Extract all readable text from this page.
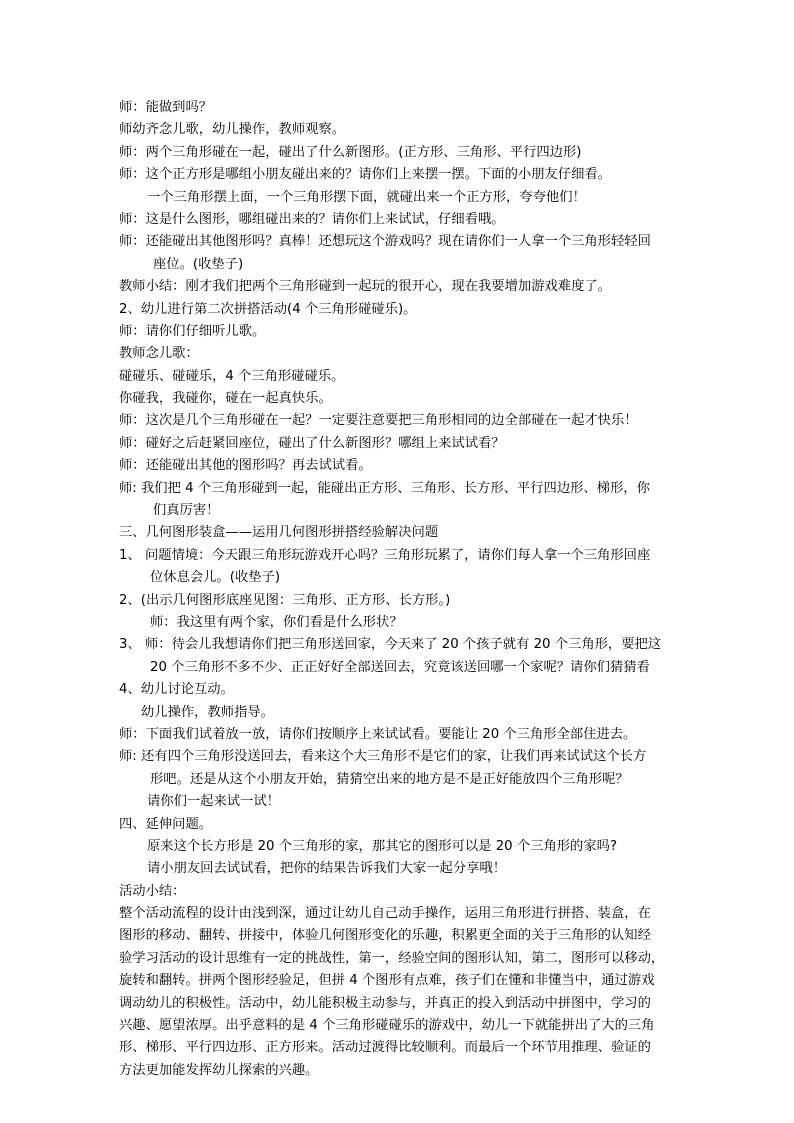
师：能做到吗？
师幼齐念儿歌，幼儿操作，教师观察。
师：两个三角形碰在一起，碰出了什么新图形。(正方形、三角形、平行四边形)
师：这个正方形是哪组小朋友碰出来的？请你们上来摆一摆。下面的小朋友仔细看。
一个三角形摆上面，一个三角形摆下面，就碰出来一个正方形，夸夸他们！
师：这是什么图形，哪组碰出来的？请你们上来试试，仔细看哦。
师：还能碰出其他图形吗？真棒！还想玩这个游戏吗？现在请你们一人拿一个三角形轻轻回
座位。(收垫子)
教师小结：刚才我们把两个三角形碰到一起玩的很开心，现在我要增加游戏难度了。
2、幼儿进行第二次拼搭活动(4 个三角形碰碰乐)。
师：请你们仔细听儿歌。
教师念儿歌：
碰碰乐、碰碰乐，4 个三角形碰碰乐。
你碰我，我碰你，碰在一起真快乐。
师：这次是几个三角形碰在一起？一定要注意要把三角形相同的边全部碰在一起才快乐！
师：碰好之后赶紧回座位，碰出了什么新图形？哪组上来试试看？
师：还能碰出其他的图形吗？再去试试看。
师: 我们把 4 个三角形碰到一起，能碰出正方形、三角形、长方形、平行四边形、梯形，你
们真厉害！
三、几何图形装盒——运用几何图形拼搭经验解决问题
1、 问题情境：今天跟三角形玩游戏开心吗？三角形玩累了，请你们每人拿一个三角形回座
位休息会儿。(收垫子)
2、(出示几何图形底座见图：三角形、正方形、长方形。)
师：我这里有两个家，你们看是什么形状？
3、 师：待会儿我想请你们把三角形送回家，今天来了 20 个孩子就有 20 个三角形，要把这
20 个三角形不多不少、正正好好全部送回去，究竟该送回哪一个家呢？请你们猜猜看
4、幼儿讨论互动。
幼儿操作，教师指导。
师：下面我们试着放一放，请你们按顺序上来试试看。要能让 20 个三角形全部住进去。
师: 还有四个三角形没送回去，看来这个大三角形不是它们的家，让我们再来试试这个长方
形吧。还是从这个小朋友开始，猜猜空出来的地方是不是正好能放四个三角形呢？
请你们一起来试一试！
四、延伸问题。
原来这个长方形是 20 个三角形的家，那其它的图形可以是 20 个三角形的家吗?
请小朋友回去试试看，把你的结果告诉我们大家一起分享哦！
活动小结：
整个活动流程的设计由浅到深，通过让幼儿自己动手操作，运用三角形进行拼搭、装盒，在
图形的移动、翻转、拼接中，体验几何图形变化的乐趣，积累更全面的关于三角形的认知经
验学习活动的设计思维有一定的挑战性，第一，经验空间的图形认知，第二，图形可以移动，
旋转和翻转。拼两个图形经验足，但拼 4 个图形有点难，孩子们在懂和非懂当中，通过游戏
调动幼儿的积极性。活动中，幼儿能积极主动参与，并真正的投入到活动中拼图中，学习的
兴趣、愿望浓厚。出乎意料的是 4 个三角形碰碰乐的游戏中，幼儿一下就能拼出了大的三角
形、梯形、平行四边形、正方形来。活动过渡得比较顺利。而最后一个环节用推理、验证的
方法更加能发挥幼儿探索的兴趣。
